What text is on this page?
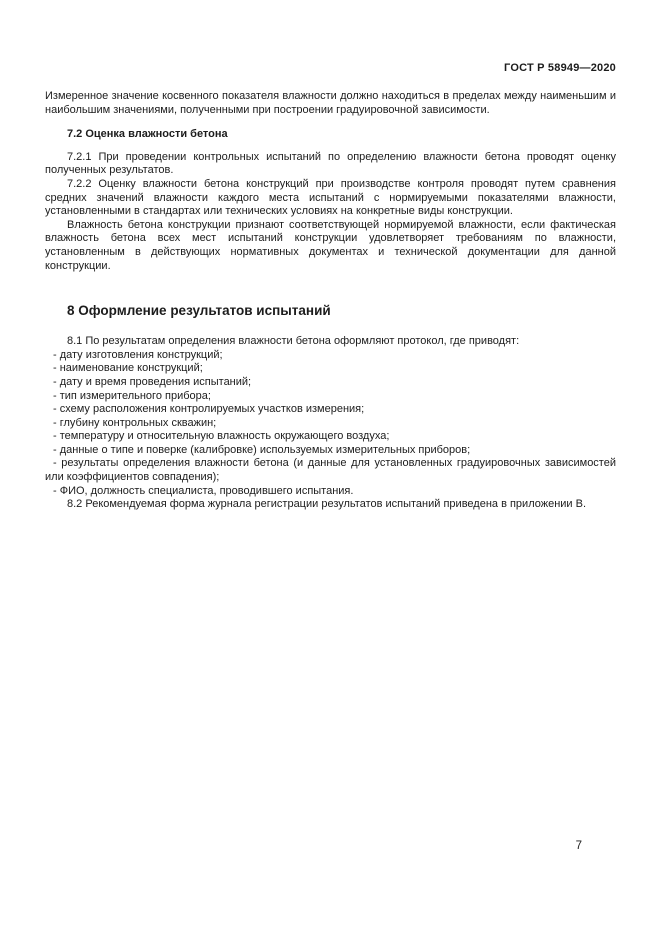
ГОСТ Р 58949—2020

Измеренное значение косвенного показателя влажности должно находиться в пределах между наименьшим и наибольшим значениями, полученными при построении градуировочной зависимости.

7.2 Оценка влажности бетона

7.2.1 При проведении контрольных испытаний по определению влажности бетона проводят оценку полученных результатов.

7.2.2 Оценку влажности бетона конструкций при производстве контроля проводят путем сравнения средних значений влажности каждого места испытаний с нормируемыми показателями влажности, установленными в стандартах или технических условиях на конкретные виды конструкции.

Влажность бетона конструкции признают соответствующей нормируемой влажности, если фактическая влажность бетона всех мест испытаний конструкции удовлетворяет требованиям по влажности, установленным в действующих нормативных документах и технической документации для данной конструкции.

8 Оформление результатов испытаний

8.1 По результатам определения влажности бетона оформляют протокол, где приводят:

- дату изготовления конструкций;
- наименование конструкций;
- дату и время проведения испытаний;
- тип измерительного прибора;
- схему расположения контролируемых участков измерения;
- глубину контрольных скважин;
- температуру и относительную влажность окружающего воздуха;
- данные о типе и поверке (калибровке) используемых измерительных приборов;
- результаты определения влажности бетона (и данные для установленных градуировочных зависимостей или коэффициентов совпадения);
- ФИО, должность специалиста, проводившего испытания.

8.2 Рекомендуемая форма журнала регистрации результатов испытаний приведена в приложении В.

7
